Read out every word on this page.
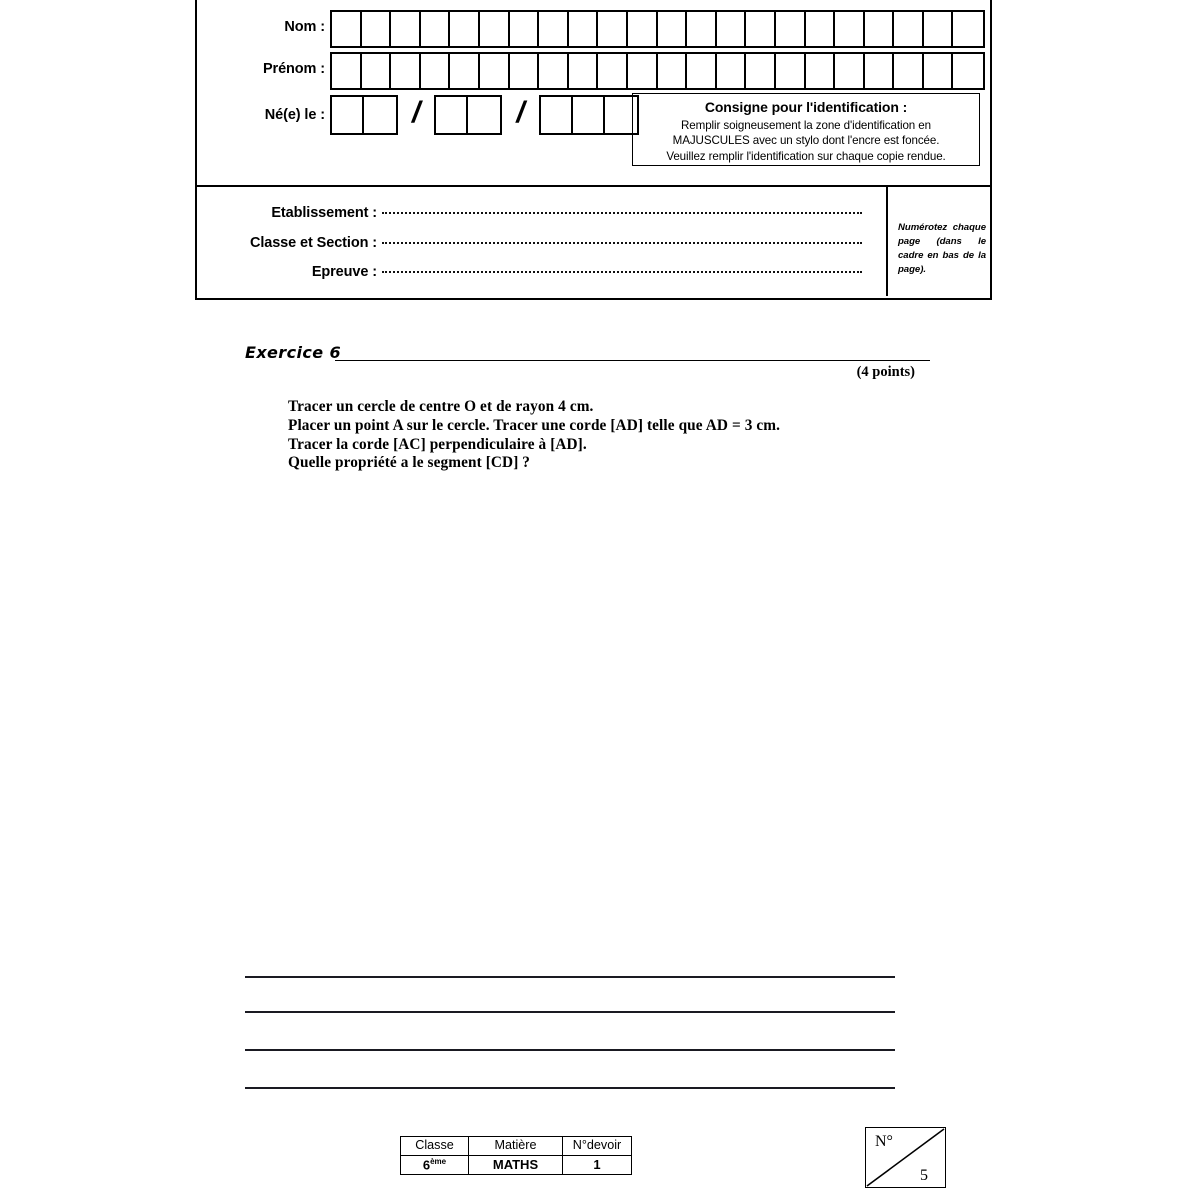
Nom :
Prénom :
Né(e) le :	/	/	Consigne pour l'identification :
Remplir soigneusement la zone d'identification en
MAJUSCULES avec un stylo dont l'encre est foncée.
Veuillez remplir l'identification sur chaque copie rendue.
Etablissement :
Classe et Section :
Epreuve :
Numérotez chaque page (dans le cadre en bas de la page).
Exercice 6
(4 points)
Tracer un cercle de centre O et de rayon 4 cm.
Placer un point A sur le cercle. Tracer une corde [AD] telle que AD = 3 cm.
Tracer la corde [AC] perpendiculaire à [AD].
Quelle propriété a le segment [CD] ?
Classe	Matière	N°devoir
6ème	MATHS	1
N°
5
